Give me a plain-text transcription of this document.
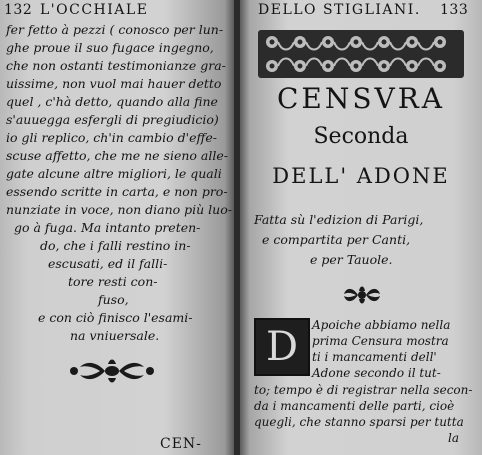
132 L'OCCHIALE
fer fetto à pezzi ( conosco per lun-
ghe proue il suo fugace ingegno,
che non ostanti testimonianze gra-
uissime, non vuol mai hauer detto
quel , c'hà detto, quando alla fine
s'auuegga esfergli di pregiudicio)
io gli replico, ch'in cambio d'effe-
scuse affetto, che me ne sieno alle-
gate alcune altre migliori, le quali
essendo scritte in carta, e non pro-
nunziate in voce, non diano più luo-
go à fuga. Ma intanto preten-
do, che i falli restino in-
escusati, ed il falli-
tore resti con-
fuso,
e con ciò finisco l'esami-
na vniuersale.
CEN-
DELLO STIGLIANI. 133
CENSVRA
Seconda
DELL' ADONE
Fatta sù l'edizion di Parigi,
e compartita per Canti,
e per Tauole.
D	Apoiche abbiamo nella
prima Censura mostra
ti i mancamenti dell'
Adone secondo il tut-
to; tempo è di registrar nella secon-
da i mancamenti delle parti, cioè
quegli, che stanno sparsi per tutta
la
